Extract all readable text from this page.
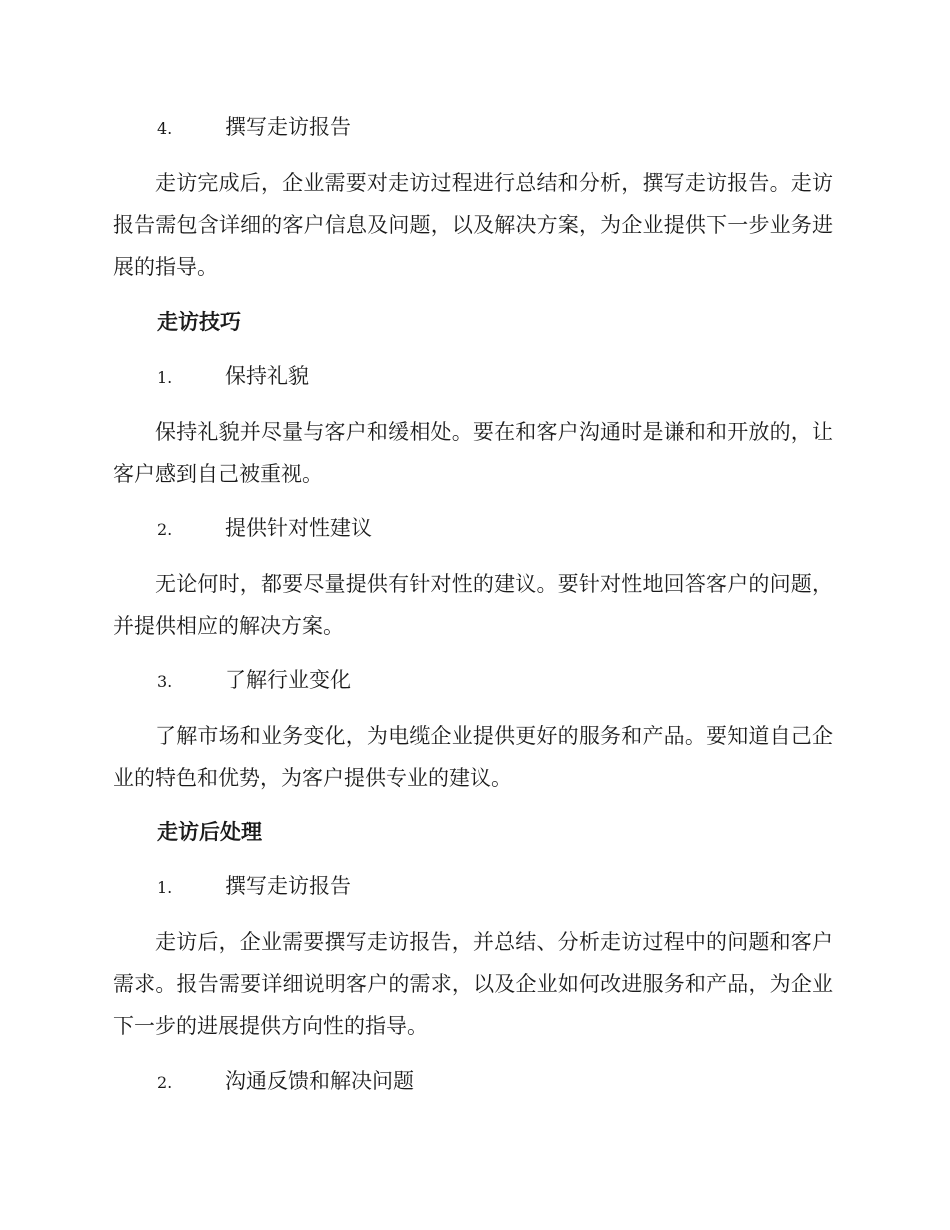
4.	撰写走访报告
走访完成后，企业需要对走访过程进行总结和分析，撰写走访报告。走访报告需包含详细的客户信息及问题，以及解决方案，为企业提供下一步业务进展的指导。
走访技巧
1.	保持礼貌
保持礼貌并尽量与客户和缓相处。要在和客户沟通时是谦和和开放的，让客户感到自己被重视。
2.	提供针对性建议
无论何时，都要尽量提供有针对性的建议。要针对性地回答客户的问题，并提供相应的解决方案。
3.	了解行业变化
了解市场和业务变化，为电缆企业提供更好的服务和产品。要知道自己企业的特色和优势，为客户提供专业的建议。
走访后处理
1.	撰写走访报告
走访后，企业需要撰写走访报告，并总结、分析走访过程中的问题和客户需求。报告需要详细说明客户的需求，以及企业如何改进服务和产品，为企业下一步的进展提供方向性的指导。
2.	沟通反馈和解决问题
